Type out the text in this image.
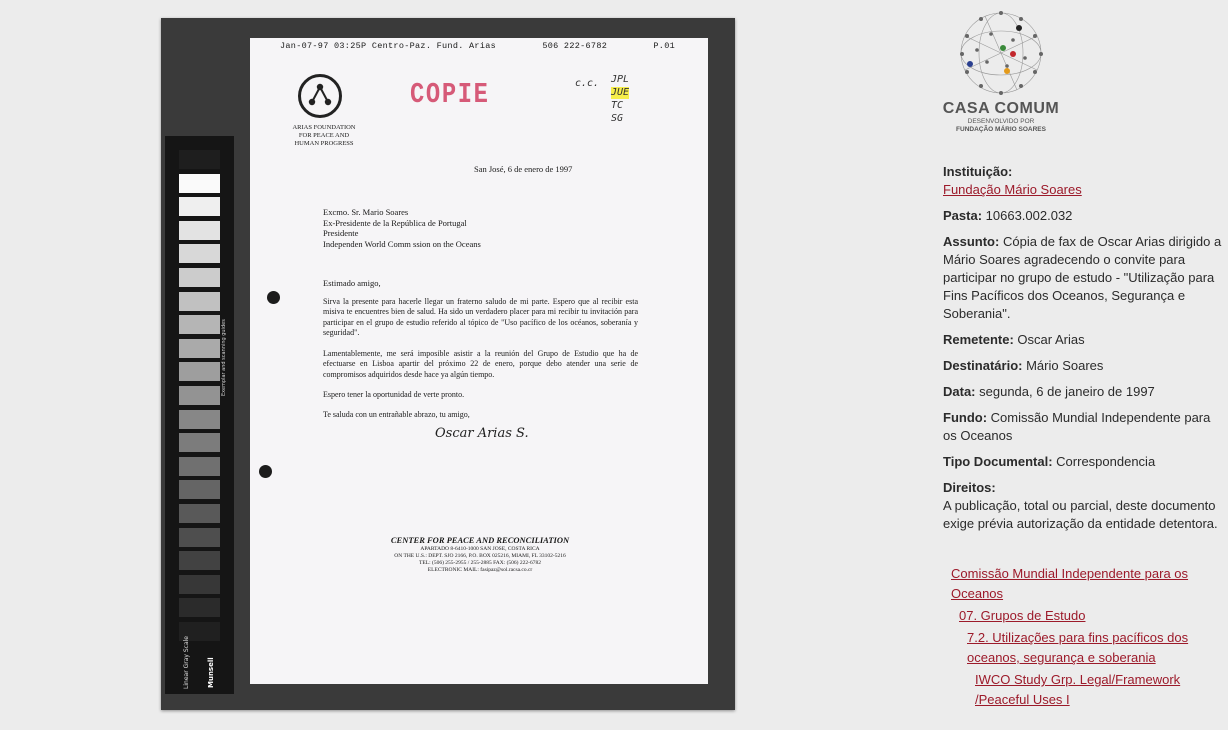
Exemplar and scanning guides
Linear Gray Scale	Munsell
Jan-07-97 03:25P Centro-Paz. Fund. Arias	506 222-6782	P.01
ARIAS FOUNDATION
FOR PEACE AND
HUMAN PROGRESS
COPIE	c.c. JPL
JUE
TC
SG
San José, 6 de enero de 1997
Excmo. Sr. Mario Soares
Ex-Presidente de la República de Portugal
Presidente
Independen World Comm ssion on the Oceans
Estimado amigo,
Sirva la presente para hacerle llegar un fraterno saludo de mi parte. Espero que al recibir esta misiva te encuentres bien de salud. Ha sido un verdadero placer para mi recibir tu invitación para participar en el grupo de estudio referido al tópico de "Uso pacífico de los océanos, soberanía y seguridad".
Lamentablemente, me será imposible asistir a la reunión del Grupo de Estudio que ha de efectuarse en Lisboa apartir del próximo 22 de enero, porque debo atender una serie de compromisos adquiridos desde hace ya algún tiempo.
Espero tener la oportunidad de verte pronto.
Te saluda con un entrañable abrazo, tu amigo,
Oscar Arias S.
CENTER FOR PEACE AND RECONCILIATION
APARTADO 8-6410-1000 SAN JOSE, COSTA RICA
ON THE U.S.: DEPT. SJO 2166, P.O. BOX 025216, MIAMI, FL 33102-5216
TEL: (506) 255-2955 / 255-2885 FAX: (506) 222-6782
ELECTRONIC MAIL: fasipaz@sol.racsa.co.cr
CASA COMUM
DESENVOLVIDO POR
FUNDAÇÃO MÁRIO SOARES
Instituição:
Fundação Mário Soares
Pasta: 10663.002.032
Assunto: Cópia de fax de Oscar Arias dirigido a Mário Soares agradecendo o convite para participar no grupo de estudo - "Utilização para Fins Pacíficos dos Oceanos, Segurança e Soberania".
Remetente: Oscar Arias
Destinatário: Mário Soares
Data: segunda, 6 de janeiro de 1997
Fundo: Comissão Mundial Independente para os Oceanos
Tipo Documental: Correspondencia
Direitos:
A publicação, total ou parcial, deste documento exige prévia autorização da entidade detentora.
Comissão Mundial Independente para os Oceanos
07. Grupos de Estudo
7.2. Utilizações para fins pacíficos dos oceanos, segurança e soberania
IWCO Study Grp. Legal/Framework /Peaceful Uses I
